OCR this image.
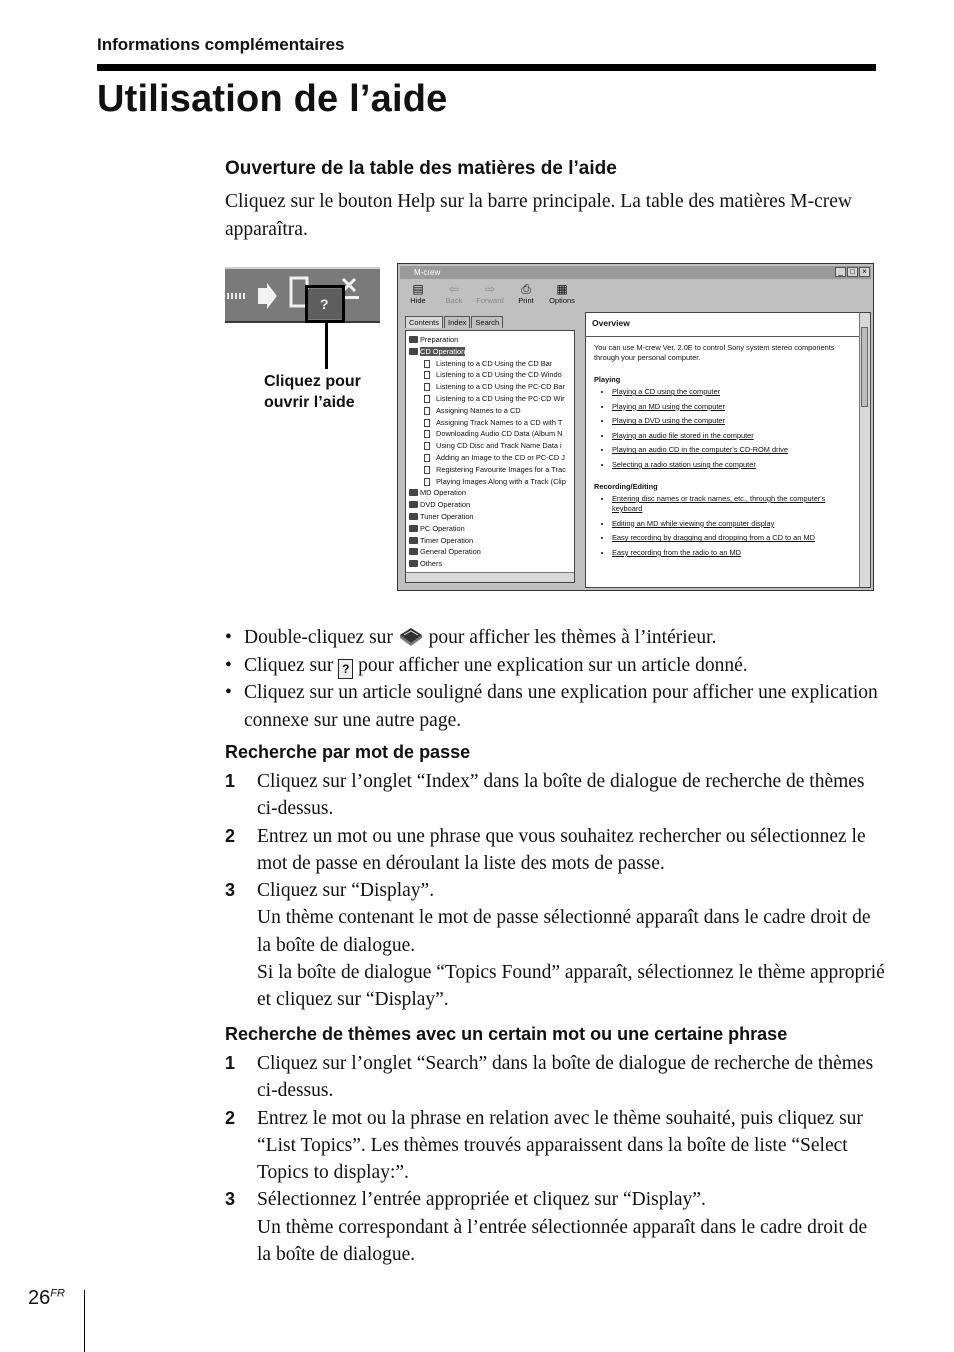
Informations complémentaires
Utilisation de l’aide
Ouverture de la table des matières de l’aide
Cliquez sur le bouton Help sur la barre principale. La table des matières M-crew apparaîtra.
?
Cliquez pour
ouvrir l’aide
M-crew	_ □ ×
▤
Hide
⇦
Back
⇨
Forward
⎙
Print
▦
Options
Contents	Index	Search
Preparation
CD Operation
Listening to a CD Using the CD Bar
Listening to a CD Using the CD Windo
Listening to a CD Using the PC-CD Bar
Listening to a CD Using the PC-CD Wir
Assigning Names to a CD
Assigning Track Names to a CD with T
Downloading Audio CD Data (Album N
Using CD Disc and Track Name Data i
Adding an Image to the CD or PC-CD J
Registering Favourite Images for a Trac
Playing Images Along with a Track (Clip
MD Operation
DVD Operation
Tuner Operation
PC Operation
Timer Operation
General Operation
Others
Overview
You can use M-crew Ver. 2.0E to control Sony system stereo components through your personal computer.
Playing
• Playing a CD using the computer
• Playing an MD using the computer
• Playing a DVD using the computer
• Playing an audio file stored in the computer
• Playing an audio CD in the computer's CD-ROM drive
• Selecting a radio station using the computer
Recording/Editing
• Entering disc names or track names, etc., through the computer's keyboard
• Editing an MD while viewing the computer display
• Easy recording by dragging and dropping from a CD to an MD
• Easy recording from the radio to an MD
• Double-cliquez sur pour afficher les thèmes à l’intérieur.
• Cliquez sur ? pour afficher une explication sur un article donné.
• Cliquez sur un article souligné dans une explication pour afficher une explication connexe sur une autre page.
Recherche par mot de passe
1 Cliquez sur l’onglet “Index” dans la boîte de dialogue de recherche de thèmes ci-dessus.
2 Entrez un mot ou une phrase que vous souhaitez rechercher ou sélectionnez le mot de passe en déroulant la liste des mots de passe.
3 Cliquez sur “Display”.
Un thème contenant le mot de passe sélectionné apparaît dans le cadre droit de la boîte de dialogue.
Si la boîte de dialogue “Topics Found” apparaît, sélectionnez le thème approprié et cliquez sur “Display”.
Recherche de thèmes avec un certain mot ou une certaine phrase
1 Cliquez sur l’onglet “Search” dans la boîte de dialogue de recherche de thèmes ci-dessus.
2 Entrez le mot ou la phrase en relation avec le thème souhaité, puis cliquez sur “List Topics”. Les thèmes trouvés apparaissent dans la boîte de liste “Select Topics to display:”.
3 Sélectionnez l’entrée appropriée et cliquez sur “Display”.
Un thème correspondant à l’entrée sélectionnée apparaît dans le cadre droit de la boîte de dialogue.
$26^{FR}$
